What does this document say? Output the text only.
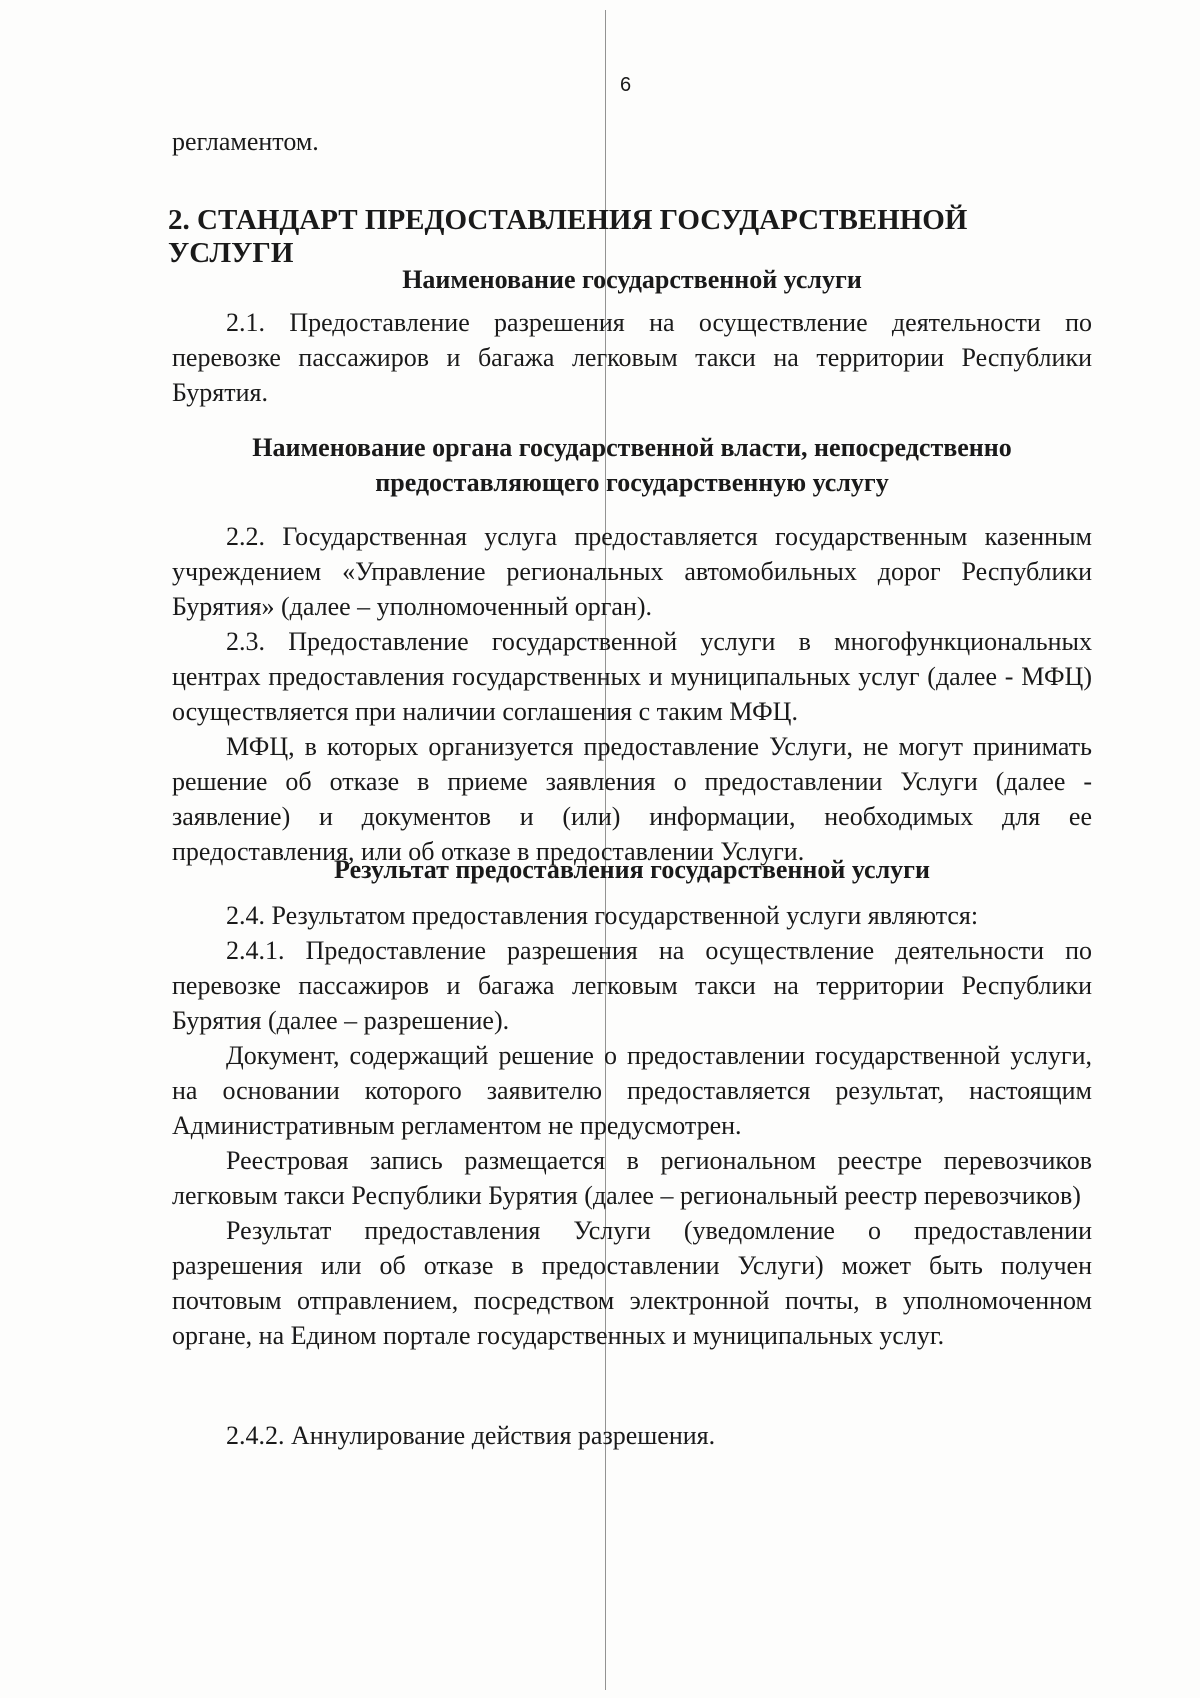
6

регламентом.

2. СТАНДАРТ ПРЕДОСТАВЛЕНИЯ ГОСУДАРСТВЕННОЙ УСЛУГИ
Наименование государственной услуги

2.1. Предоставление разрешения на осуществление деятельности по перевозке пассажиров и багажа легковым такси на территории Республики Бурятия.

Наименование органа государственной власти, непосредственно
предоставляющего государственную услугу

2.2. Государственная услуга предоставляется государственным казенным учреждением «Управление региональных автомобильных дорог Республики Бурятия» (далее – уполномоченный орган).

2.3. Предоставление государственной услуги в многофункциональных центрах предоставления государственных и муниципальных услуг (далее - МФЦ) осуществляется при наличии соглашения с таким МФЦ.

МФЦ, в которых организуется предоставление Услуги, не могут принимать решение об отказе в приеме заявления о предоставлении Услуги (далее - заявление) и документов и (или) информации, необходимых для ее предоставления, или об отказе в предоставлении Услуги.

Результат предоставления государственной услуги

2.4. Результатом предоставления государственной услуги являются:

2.4.1. Предоставление разрешения на осуществление деятельности по перевозке пассажиров и багажа легковым такси на территории Республики Бурятия (далее – разрешение).

Документ, содержащий решение о предоставлении государственной услуги, на основании которого заявителю предоставляется результат, настоящим Административным регламентом не предусмотрен.

Реестровая запись размещается в региональном реестре перевозчиков легковым такси Республики Бурятия (далее – региональный реестр перевозчиков)

Результат предоставления Услуги (уведомление о предоставлении разрешения или об отказе в предоставлении Услуги) может быть получен почтовым отправлением, посредством электронной почты, в уполномоченном органе, на Едином портале государственных и муниципальных услуг.

2.4.2. Аннулирование действия разрешения.
